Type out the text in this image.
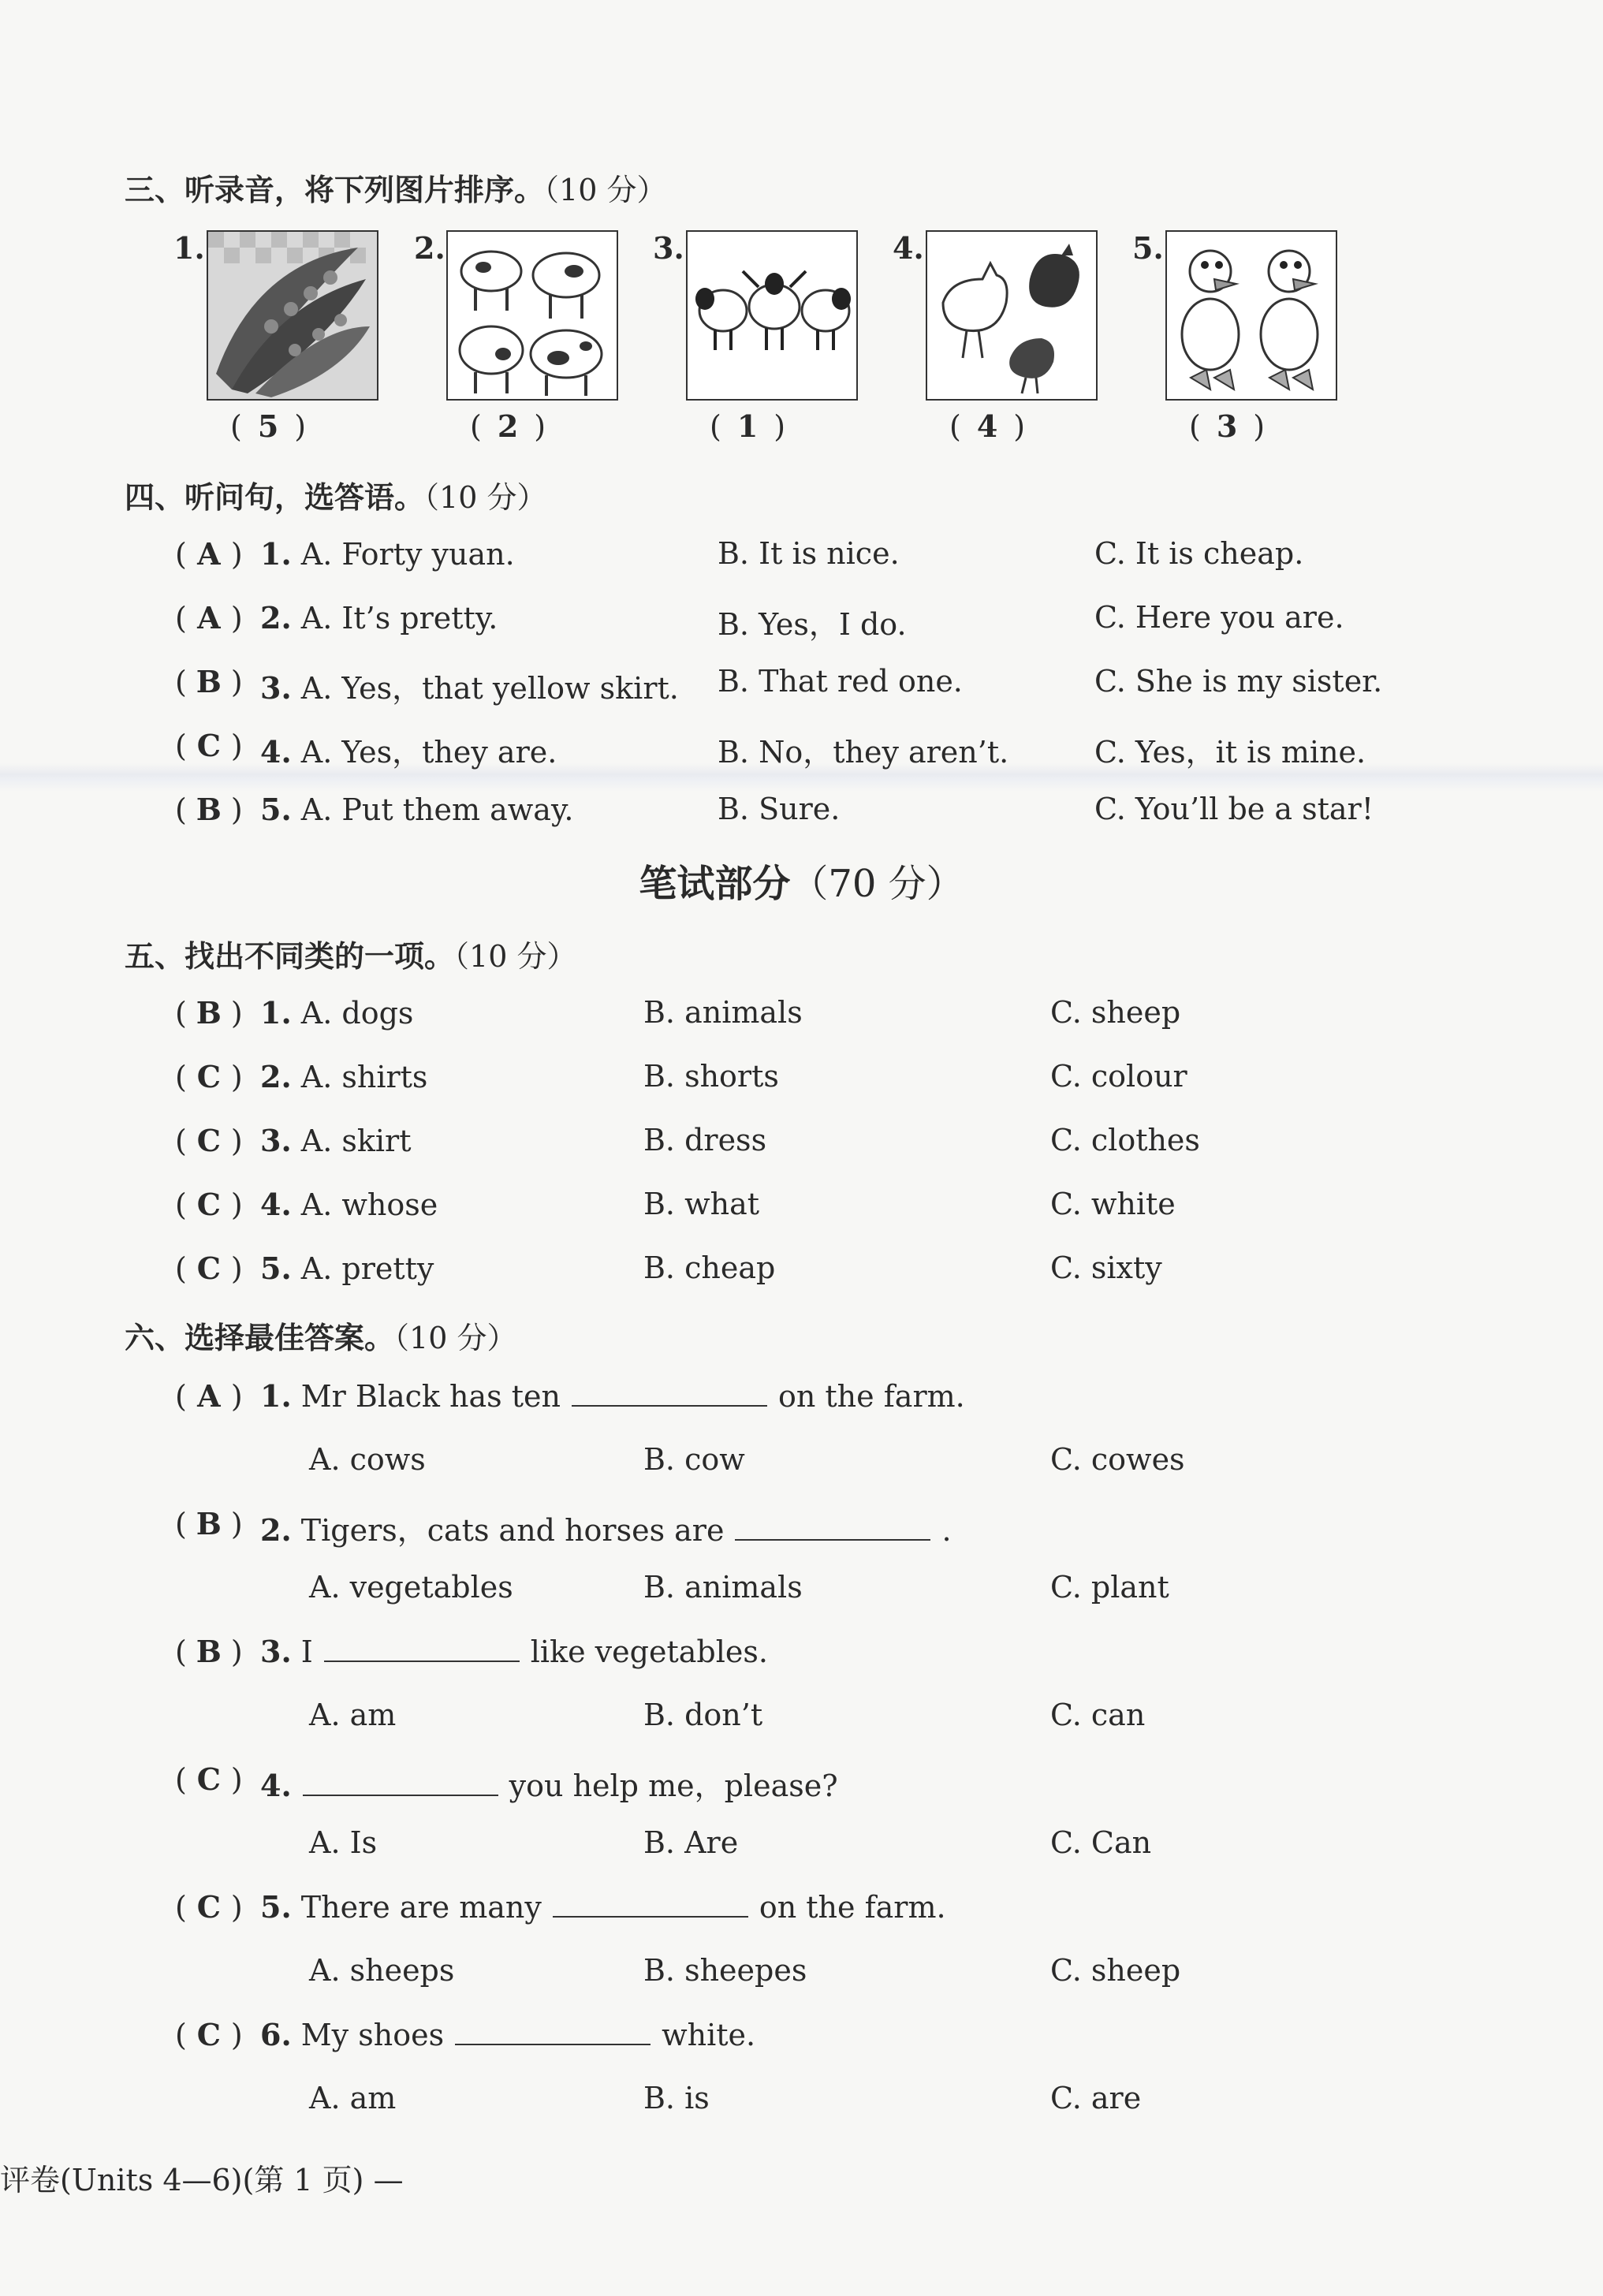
三、听录音，将下列图片排序。（10 分）
1.
( 5 )
2.
( 2 )
3.
( 1 )
4.
( 4 )
5.
( 3 )
四、听问句，选答语。（10 分）
( A ) 1. A. Forty yuan.	B. It is nice.	C. It is cheap.
( A ) 2. A. It’s pretty.	B. Yes，I do.	C. Here you are.
( B ) 3. A. Yes，that yellow skirt. B. That red one.	C. She is my sister.
( C ) 4. A. Yes，they are.	B. No，they aren’t.	C. Yes，it is mine.
( B ) 5. A. Put them away.	B. Sure.	C. You’ll be a star!
笔试部分（70 分）
五、找出不同类的一项。（10 分）
( B ) 1. A. dogs	B. animals	C. sheep
( C ) 2. A. shirts	B. shorts	C. colour
( C ) 3. A. skirt	B. dress	C. clothes
( C ) 4. A. whose	B. what	C. white
( C ) 5. A. pretty	B. cheap	C. sixty
六、选择最佳答案。（10 分）
( A ) 1. Mr Black has ten	on the farm.
A. cows	B. cow	C. cowes
( B ) 2. Tigers，cats and horses are	.
A. vegetables	B. animals	C. plant
( B ) 3. I	like vegetables.
A. am	B. don’t	C. can
( C ) 4.	you help me，please?
A. Is	B. Are	C. Can
( C ) 5. There are many	on the farm.
A. sheeps	B. sheepes	C. sheep
( C ) 6. My shoes	white.
A. am	B. is	C. are
评卷(Units 4—6)(第 1 页) —
